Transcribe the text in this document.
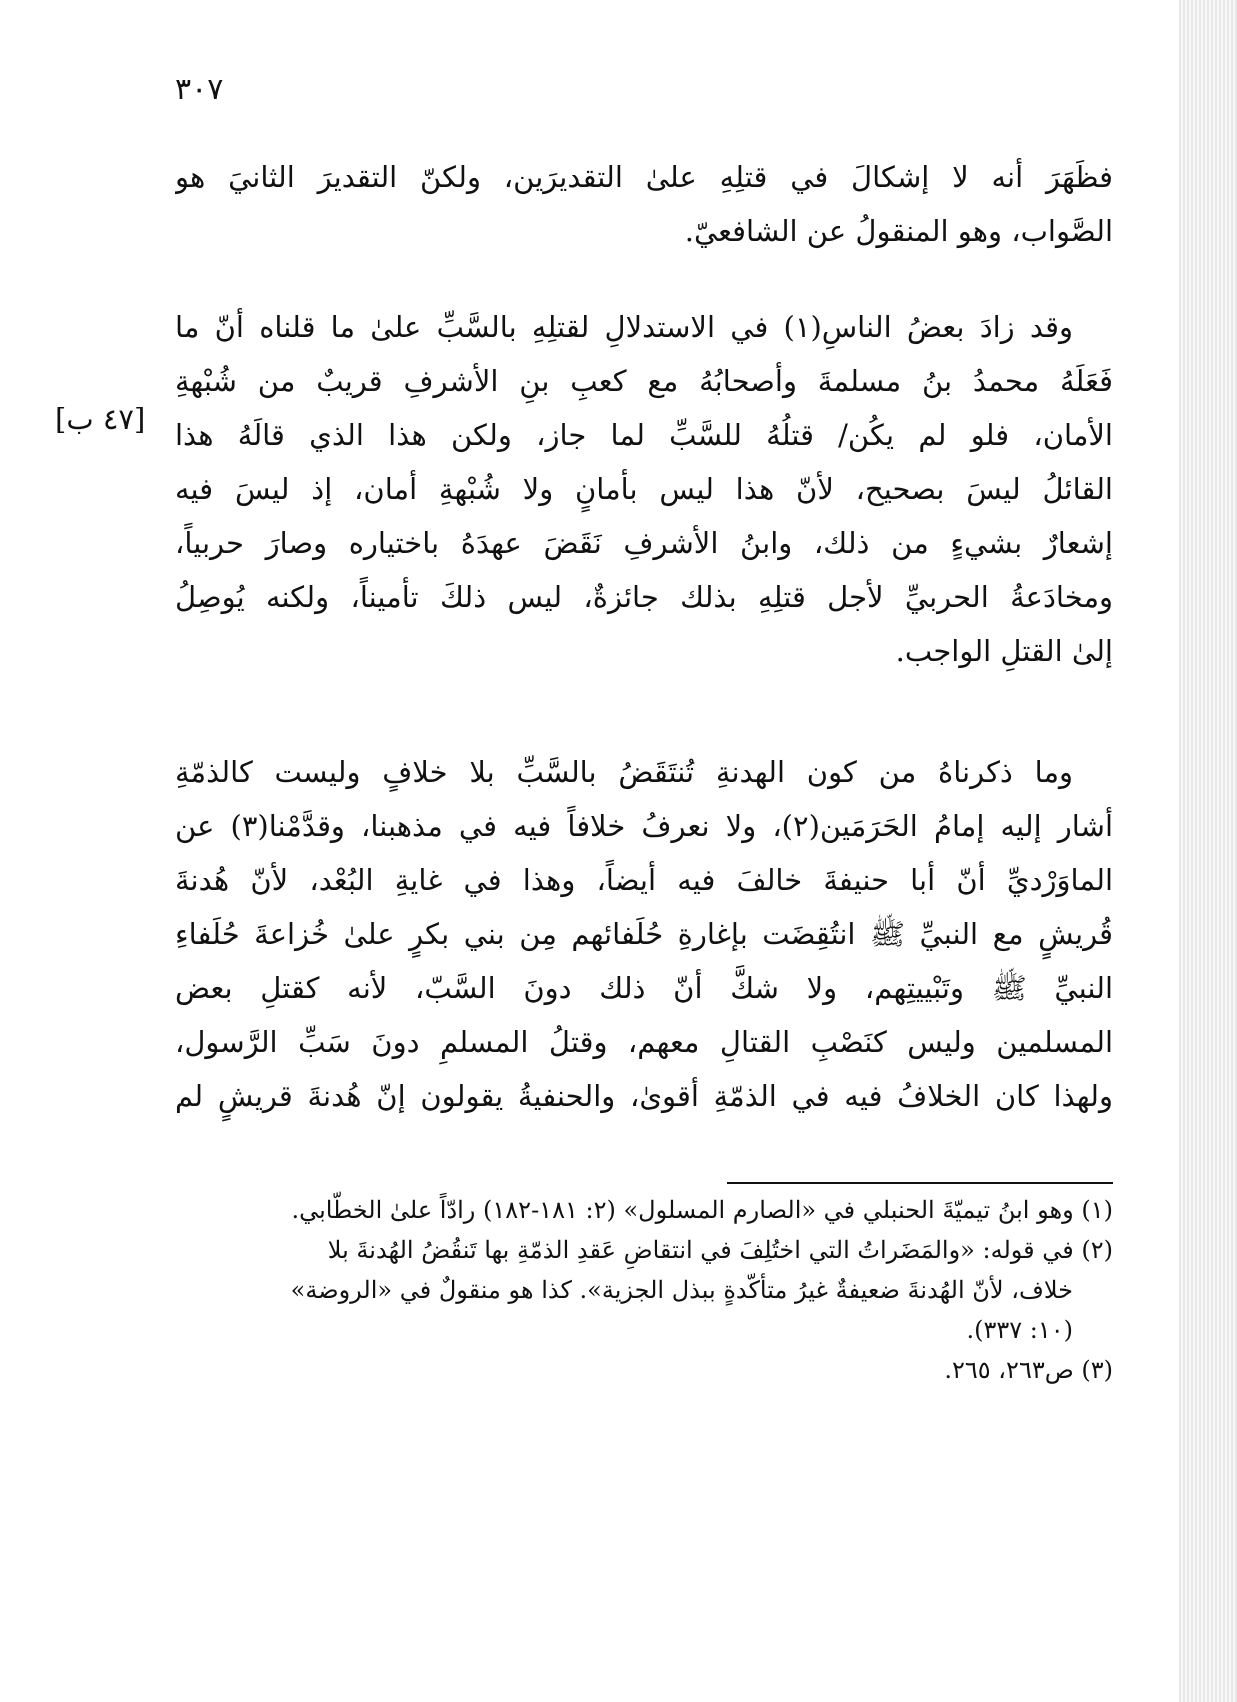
٣٠٧
فظَهَرَ أنه لا إشكالَ في قتلِهِ علىٰ التقديرَين، ولكنّ التقديرَ الثانيَ هو
الصَّواب، وهو المنقولُ عن الشافعيّ.
وقد زادَ بعضُ الناسِ(١) في الاستدلالِ لقتلِهِ بالسَّبِّ علىٰ ما قلناه أنّ ما
فَعَلَهُ محمدُ بنُ مسلمةَ وأصحابُهُ مع كعبِ بنِ الأشرفِ قريبٌ من شُبْهةِ
الأمان، فلو لم يكُن/ قتلُهُ للسَّبِّ لما جاز، ولكن هذا الذي قالَهُ هذا
القائلُ ليسَ بصحيح، لأنّ هذا ليس بأمانٍ ولا شُبْهةِ أمان، إذ ليسَ فيه
إشعارٌ بشيءٍ من ذلك، وابنُ الأشرفِ نَقَضَ عهدَهُ باختياره وصارَ حربياً،
ومخادَعةُ الحربيِّ لأجل قتلِهِ بذلك جائزةٌ، ليس ذلكَ تأميناً، ولكنه يُوصِلُ
إلىٰ القتلِ الواجب.
[٤٧ ب]
وما ذكرناهُ من كون الهدنةِ تُنتَقَضُ بالسَّبِّ بلا خلافٍ وليست كالذمّةِ
أشار إليه إمامُ الحَرَمَين(٢)، ولا نعرفُ خلافاً فيه في مذهبنا، وقدَّمْنا(٣) عن
الماوَرْديِّ أنّ أبا حنيفةَ خالفَ فيه أيضاً، وهذا في غايةِ البُعْد، لأنّ هُدنةَ
قُريشٍ مع النبيِّ ﷺ انتُقِضَت بإغارةِ حُلَفائهم مِن بني بكرٍ علىٰ خُزاعةَ حُلَفاءِ
النبيِّ ﷺ وتَبْييتِهم، ولا شكَّ أنّ ذلك دونَ السَّبّ، لأنه كقتلِ بعض
المسلمين وليس كنَصْبِ القتالِ معهم، وقتلُ المسلمِ دونَ سَبِّ الرَّسول،
ولهذا كان الخلافُ فيه في الذمّةِ أقوىٰ، والحنفيةُ يقولون إنّ هُدنةَ قريشٍ لم

(١) وهو ابنُ تيميّةَ الحنبلي في «الصارم المسلول» (٢: ١٨١-١٨٢) رادّاً علىٰ الخطّابي.

(٢) في قوله: «والمَضَراتُ التي اختُلِفَ في انتقاضِ عَقدِ الذمّةِ بها تَنقُضُ الهُدنةَ بلا

خلاف، لأنّ الهُدنةَ ضعيفةٌ غيرُ متأكّدةٍ ببذل الجزية». كذا هو منقولٌ في «الروضة»

(١٠: ٣٣٧).

(٣) ص٢٦٣، ٢٦٥.
